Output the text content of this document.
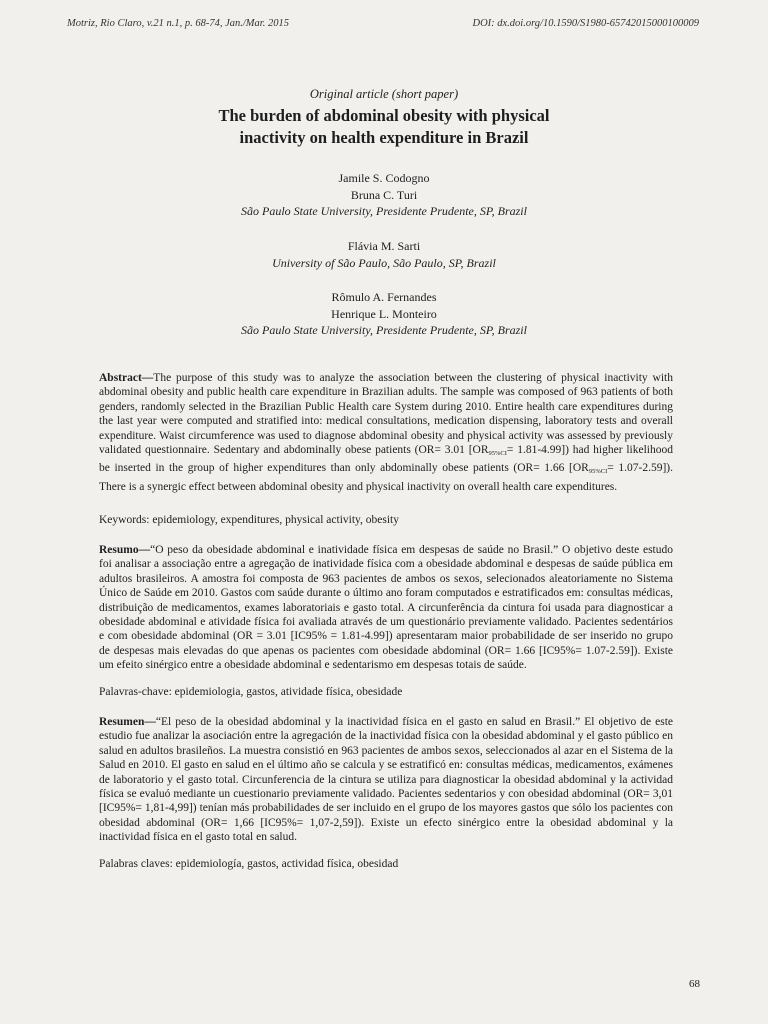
Motriz, Rio Claro, v.21 n.1, p. 68-74, Jan./Mar. 2015	DOI: dx.doi.org/10.1590/S1980-65742015000100009
Original article (short paper)
The burden of abdominal obesity with physical
inactivity on health expenditure in Brazil
Jamile S. Codogno
Bruna C. Turi
São Paulo State University, Presidente Prudente, SP, Brazil
Flávia M. Sarti
University of São Paulo, São Paulo, SP, Brazil
Rômulo A. Fernandes
Henrique L. Monteiro
São Paulo State University, Presidente Prudente, SP, Brazil
Abstract—The purpose of this study was to analyze the association between the clustering of physical inactivity with abdominal obesity and public health care expenditure in Brazilian adults. The sample was composed of 963 patients of both genders, randomly selected in the Brazilian Public Health care System during 2010. Entire health care expenditures during the last year were computed and stratified into: medical consultations, medication dispensing, laboratory tests and overall expenditure. Waist circumference was used to diagnose abdominal obesity and physical activity was assessed by previously validated questionnaire. Sedentary and abdominally obese patients (OR= 3.01 $[OR_{95\%CI}= 1.81-4.99]$) had higher likelihood be inserted in the group of higher expenditures than only abdominally obese patients (OR= 1.66 $[OR_{95\%CI}= 1.07-2.59]$). There is a synergic effect between abdominal obesity and physical inactivity on overall health care expenditures.
Keywords: epidemiology, expenditures, physical activity, obesity
Resumo—“O peso da obesidade abdominal e inatividade física em despesas de saúde no Brasil.” O objetivo deste estudo foi analisar a associação entre a agregação de inatividade física com a obesidade abdominal e despesas de saúde pública em adultos brasileiros. A amostra foi composta de 963 pacientes de ambos os sexos, selecionados aleatoriamente no Sistema Único de Saúde em 2010. Gastos com saúde durante o último ano foram computados e estratificados em: consultas médicas, distribuição de medicamentos, exames laboratoriais e gasto total. A circunferência da cintura foi usada para diagnosticar a obesidade abdominal e atividade física foi avaliada através de um questionário previamente validado. Pacientes sedentários e com obesidade abdominal (OR = 3.01 [IC95% = 1.81-4.99]) apresentaram maior probabilidade de ser inserido no grupo de despesas mais elevadas do que apenas os pacientes com obesidade abdominal (OR= 1.66 [IC95%= 1.07-2.59]). Existe um efeito sinérgico entre a obesidade abdominal e sedentarismo em despesas totais de saúde.
Palavras-chave: epidemiologia, gastos, atividade física, obesidade
Resumen—“El peso de la obesidad abdominal y la inactividad física en el gasto en salud en Brasil.” El objetivo de este estudio fue analizar la asociación entre la agregación de la inactividad física con la obesidad abdominal y el gasto público en salud en adultos brasileños. La muestra consistió en 963 pacientes de ambos sexos, seleccionados al azar en el Sistema de la Salud en 2010. El gasto en salud en el último año se calcula y se estratificó en: consultas médicas, medicamentos, exámenes de laboratorio y el gasto total. Circunferencia de la cintura se utiliza para diagnosticar la obesidad abdominal y la actividad física se evaluó mediante un cuestionario previamente validado. Pacientes sedentarios y con obesidad abdominal (OR= 3,01 [IC95%= 1,81-4,99]) tenían más probabilidades de ser incluido en el grupo de los mayores gastos que sólo los pacientes con obesidad abdominal (OR= 1,66 [IC95%= 1,07-2,59]). Existe un efecto sinérgico entre la obesidad abdominal y la inactividad física en el gasto total en salud.
Palabras claves: epidemiología, gastos, actividad física, obesidad
68
